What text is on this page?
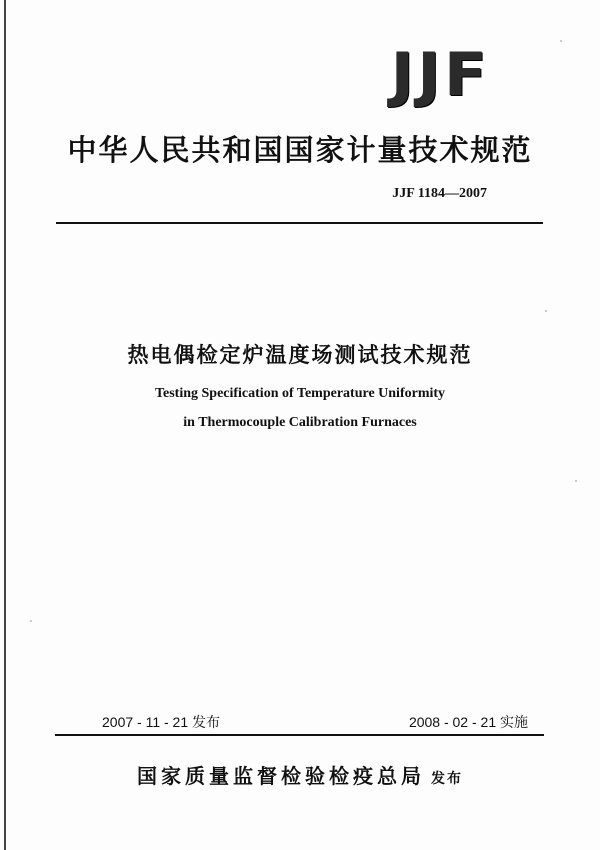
JJF
中华人民共和国国家计量技术规范
JJF 1184—2007
热电偶检定炉温度场测试技术规范
Testing Specification of Temperature Uniformity
in Thermocouple Calibration Furnaces
2007 - 11 - 21 发布	2008 - 02 - 21 实施
国家质量监督检验检疫总局 发布
